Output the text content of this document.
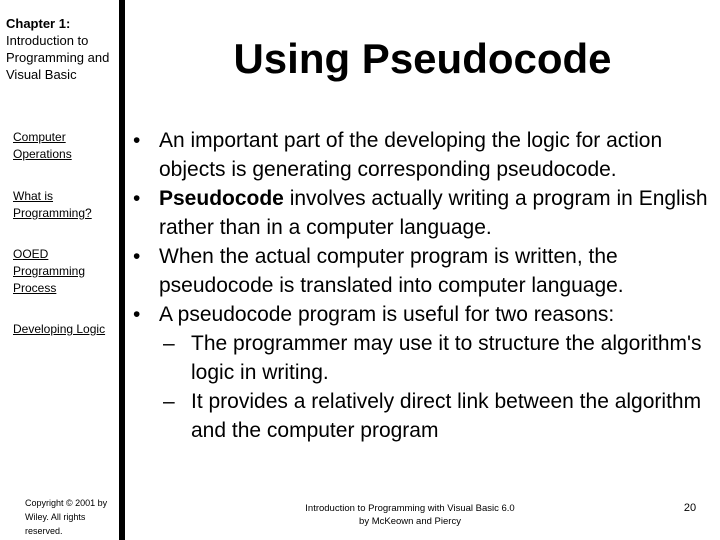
Chapter 1:
Introduction to Programming and Visual Basic
Computer Operations
What is Programming?
OOED Programming Process
Developing Logic
Copyright © 2001 by Wiley. All rights reserved.
Using Pseudocode
• An important part of the developing the logic for action objects is generating corresponding pseudocode.
• Pseudocode involves actually writing a program in English rather than in a computer language.
• When the actual computer program is written, the pseudocode is translated into computer language.
• A pseudocode program is useful for two reasons:
– The programmer may use it to structure the algorithm's logic in writing.
– It provides a relatively direct link between the algorithm and the computer program
Introduction to Programming with Visual Basic 6.0 by McKeown and Piercy
20
